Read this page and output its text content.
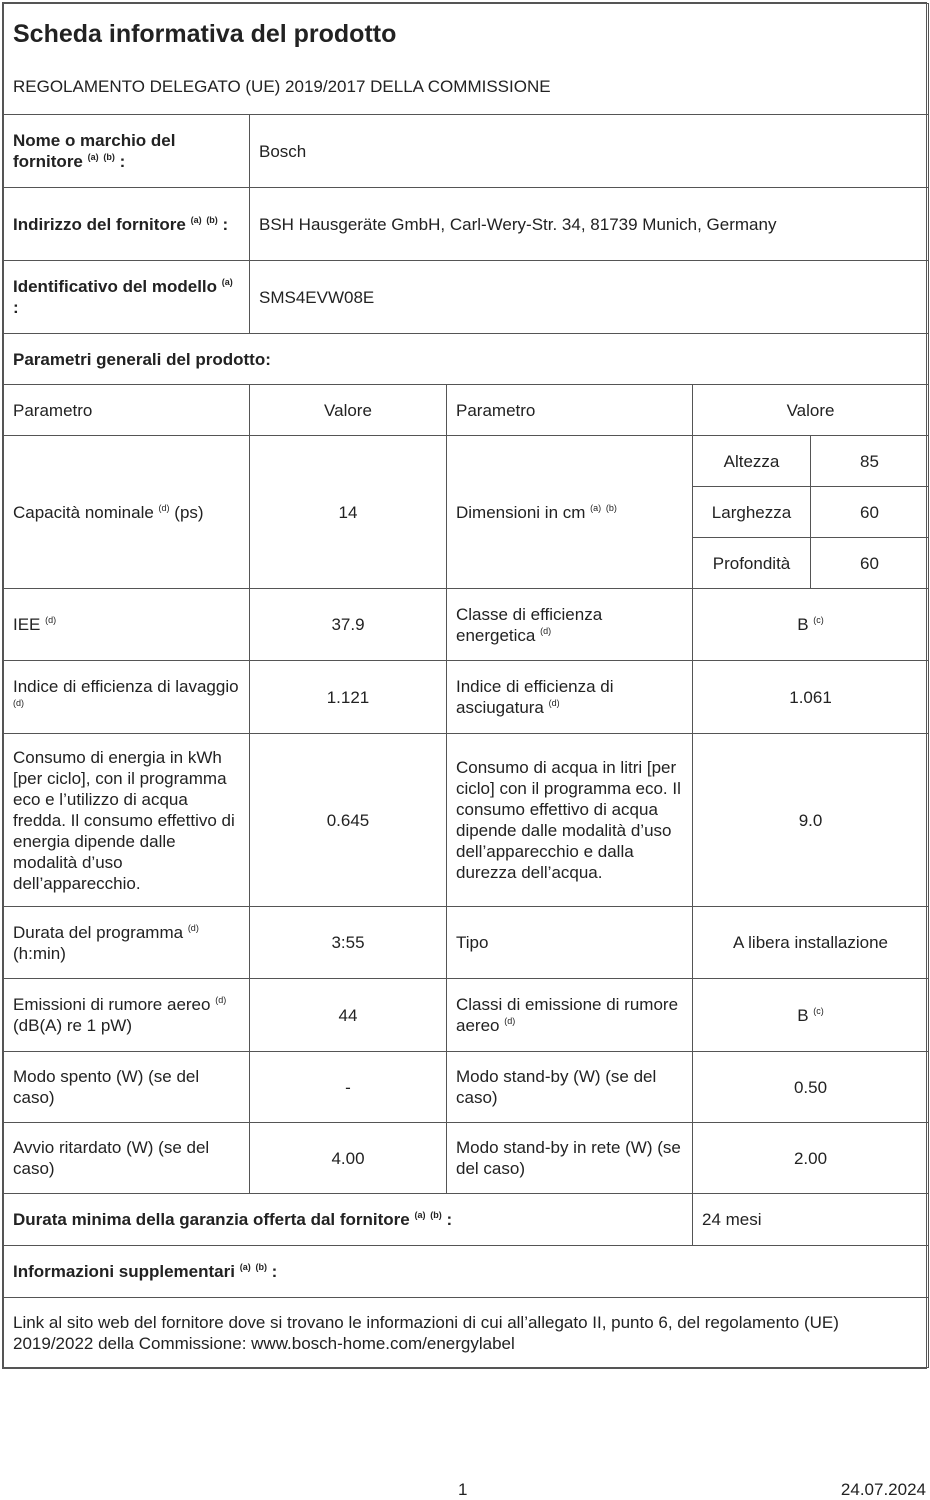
Scheda informativa del prodotto				
REGOLAMENTO DELEGATO (UE) 2019/2017 DELLA COMMISSIONE				
Nome o marchio del fornitore $^{(a)}$ $^{(b)}$ :	Bosch			
Indirizzo del fornitore $^{(a)}$ $^{(b)}$ :	BSH Hausgeräte GmbH, Carl-Wery-Str. 34, 81739 Munich, Germany			
Identificativo del modello $^{(a)}$ :	SMS4EVW08E			
Parametri generali del prodotto:				
Parametro	Valore	Parametro	Valore	
Capacità nominale $^{(d)}$ (ps)	14	Dimensioni in cm $^{(a)}$ $^{(b)}$	Altezza	85
			Larghezza	60
			Profondità	60
IEE $^{(d)}$	37.9	Classe di efficienza energetica $^{(d)}$	B $^{(c)}$
Indice di efficienza di lavaggio $^{(d)}$	1.121	Indice di efficienza di asciugatura $^{(d)}$	1.061	
Consumo di energia in kWh [per ciclo], con il programma eco e l’utilizzo di acqua fredda. Il consumo effettivo di energia dipende dalle modalità d’uso dell’apparecchio.	0.645	Consumo di acqua in litri [per ciclo] con il programma eco. Il consumo effettivo di acqua dipende dalle modalità d’uso dell’apparecchio e dalla durezza dell’acqua.	9.0	
Durata del programma $^{(d)}$ (h:min)	3:55	Tipo	A libera installazione	
Emissioni di rumore aereo $^{(d)}$ (dB(A) re 1 pW)	44	Classi di emissione di rumore aereo $^{(d)}$	B $^{(c)}$
Modo spento (W) (se del caso)	-	Modo stand-by (W) (se del caso)	0.50	
Avvio ritardato (W) (se del caso)	4.00	Modo stand-by in rete (W) (se del caso)	2.00	
Durata minima della garanzia offerta dal fornitore $^{(a)}$ $^{(b)}$ :			24 mesi	
Informazioni supplementari $^{(a)}$ $^{(b)}$ :				
Link al sito web del fornitore dove si trovano le informazioni di cui all’allegato II, punto 6, del regolamento (UE) 2019/2022 della Commissione: www.bosch-home.com/energylabel				
1	24.07.2024
